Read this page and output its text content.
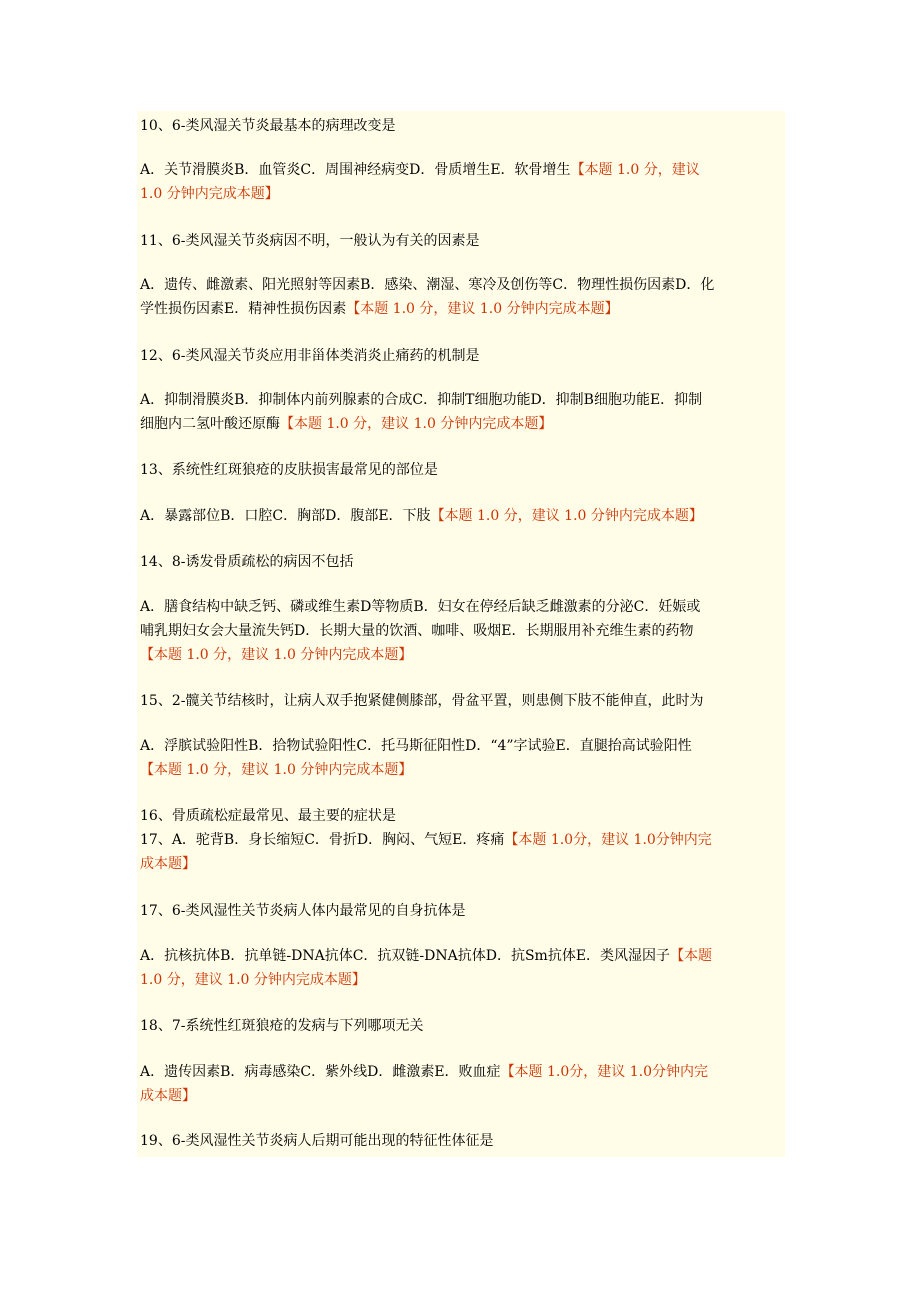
10、6-类风湿关节炎最基本的病理改变是
A．关节滑膜炎B．血管炎C．周围神经病变D．骨质增生E．软骨增生【本题 1.0 分，建议
1.0 分钟内完成本题】
11、6-类风湿关节炎病因不明，一般认为有关的因素是
A．遗传、雌激素、阳光照射等因素B．感染、潮湿、寒冷及创伤等C．物理性损伤因素D．化
学性损伤因素E．精神性损伤因素【本题 1.0 分，建议 1.0 分钟内完成本题】
12、6-类风湿关节炎应用非甾体类消炎止痛药的机制是
A．抑制滑膜炎B．抑制体内前列腺素的合成C．抑制T细胞功能D．抑制B细胞功能E．抑制
细胞内二氢叶酸还原酶【本题 1.0 分，建议 1.0 分钟内完成本题】
13、系统性红斑狼疮的皮肤损害最常见的部位是
A．暴露部位B．口腔C．胸部D．腹部E．下肢【本题 1.0 分，建议 1.0 分钟内完成本题】
14、8-诱发骨质疏松的病因不包括
A．膳食结构中缺乏钙、磷或维生素D等物质B．妇女在停经后缺乏雌激素的分泌C．妊娠或
哺乳期妇女会大量流失钙D．长期大量的饮酒、咖啡、吸烟E．长期服用补充维生素的药物
【本题 1.0 分，建议 1.0 分钟内完成本题】
15、2-髋关节结核时，让病人双手抱紧健侧膝部，骨盆平置，则患侧下肢不能伸直，此时为
A．浮膑试验阳性B．拾物试验阳性C．托马斯征阳性D．“4”字试验E．直腿抬高试验阳性
【本题 1.0 分，建议 1.0 分钟内完成本题】
16、骨质疏松症最常见、最主要的症状是
17、A．驼背B．身长缩短C．骨折D．胸闷、气短E．疼痛【本题 1.0分，建议 1.0分钟内完
成本题】
17、6-类风湿性关节炎病人体内最常见的自身抗体是
A．抗核抗体B．抗单链-DNA抗体C．抗双链-DNA抗体D．抗Sm抗体E．类风湿因子【本题
1.0 分，建议 1.0 分钟内完成本题】
18、7-系统性红斑狼疮的发病与下列哪项无关
A．遗传因素B．病毒感染C．紫外线D．雌激素E．败血症【本题 1.0分，建议 1.0分钟内完
成本题】
19、6-类风湿性关节炎病人后期可能出现的特征性体征是
